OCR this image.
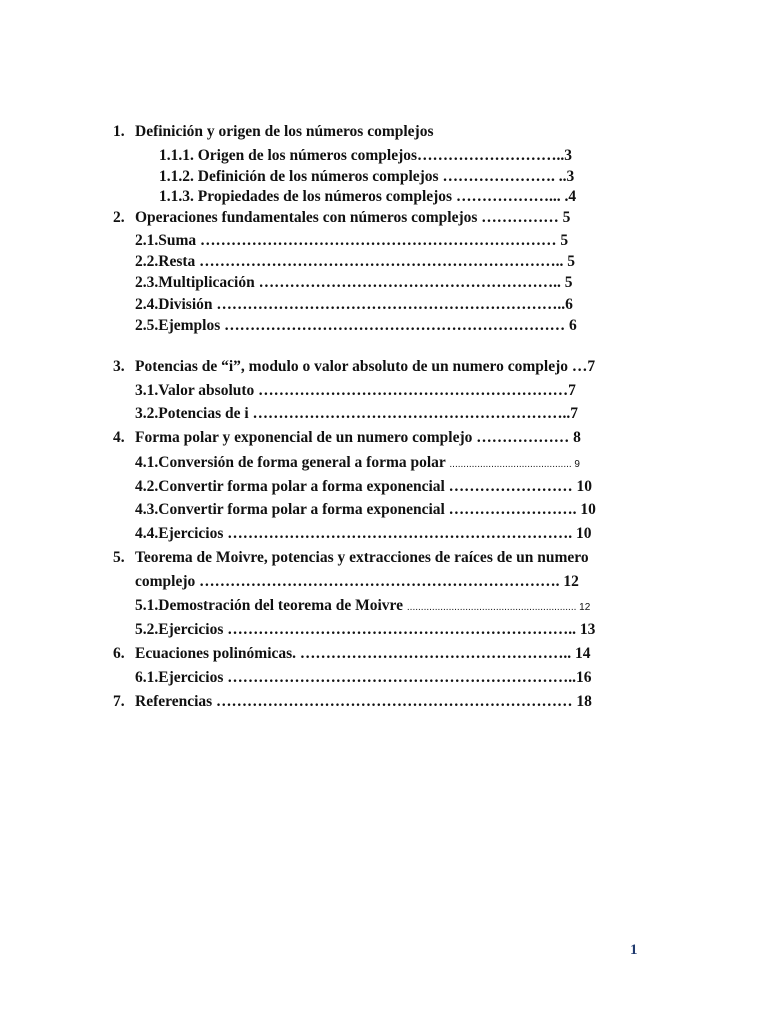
1. Definición y origen de los números complejos
1.1.1. Origen de los números complejos………………………..3
1.1.2. Definición de los números complejos …………………. ..3
1.1.3. Propiedades de los números complejos ………………... .4
2. Operaciones fundamentales con números complejos …………… 5
2.1.Suma …………………………………………………………… 5
2.2.Resta …………………………………………………………….. 5
2.3.Multiplicación ………………………………………………….. 5
2.4.División …………………………………………………………..6
2.5.Ejemplos ………………………………………………………… 6
3. Potencias de “i”, modulo o valor absoluto de un numero complejo …7
3.1.Valor absoluto ……………………………………………………7
3.2.Potencias de i ……………………………………………………..7
4. Forma polar y exponencial de un numero complejo ……………… 8
4.1.Conversión de forma general a forma polar ............................................ 9
4.2.Convertir forma polar a forma exponencial …………………… 10
4.3.Convertir forma polar a forma exponencial ……………………. 10
4.4.Ejercicios …………………………………………………………. 10
5. Teorema de Moivre, potencias y extracciones de raíces de un numero
complejo ……………………………………………………………. 12
5.1.Demostración del teorema de Moivre ............................................................. 12
5.2.Ejercicios ………………………………………………………….. 13
6. Ecuaciones polinómicas. …………………………………………….. 14
6.1.Ejercicios …………………………………………………………..16
7. Referencias …………………………………………………………… 18
1
